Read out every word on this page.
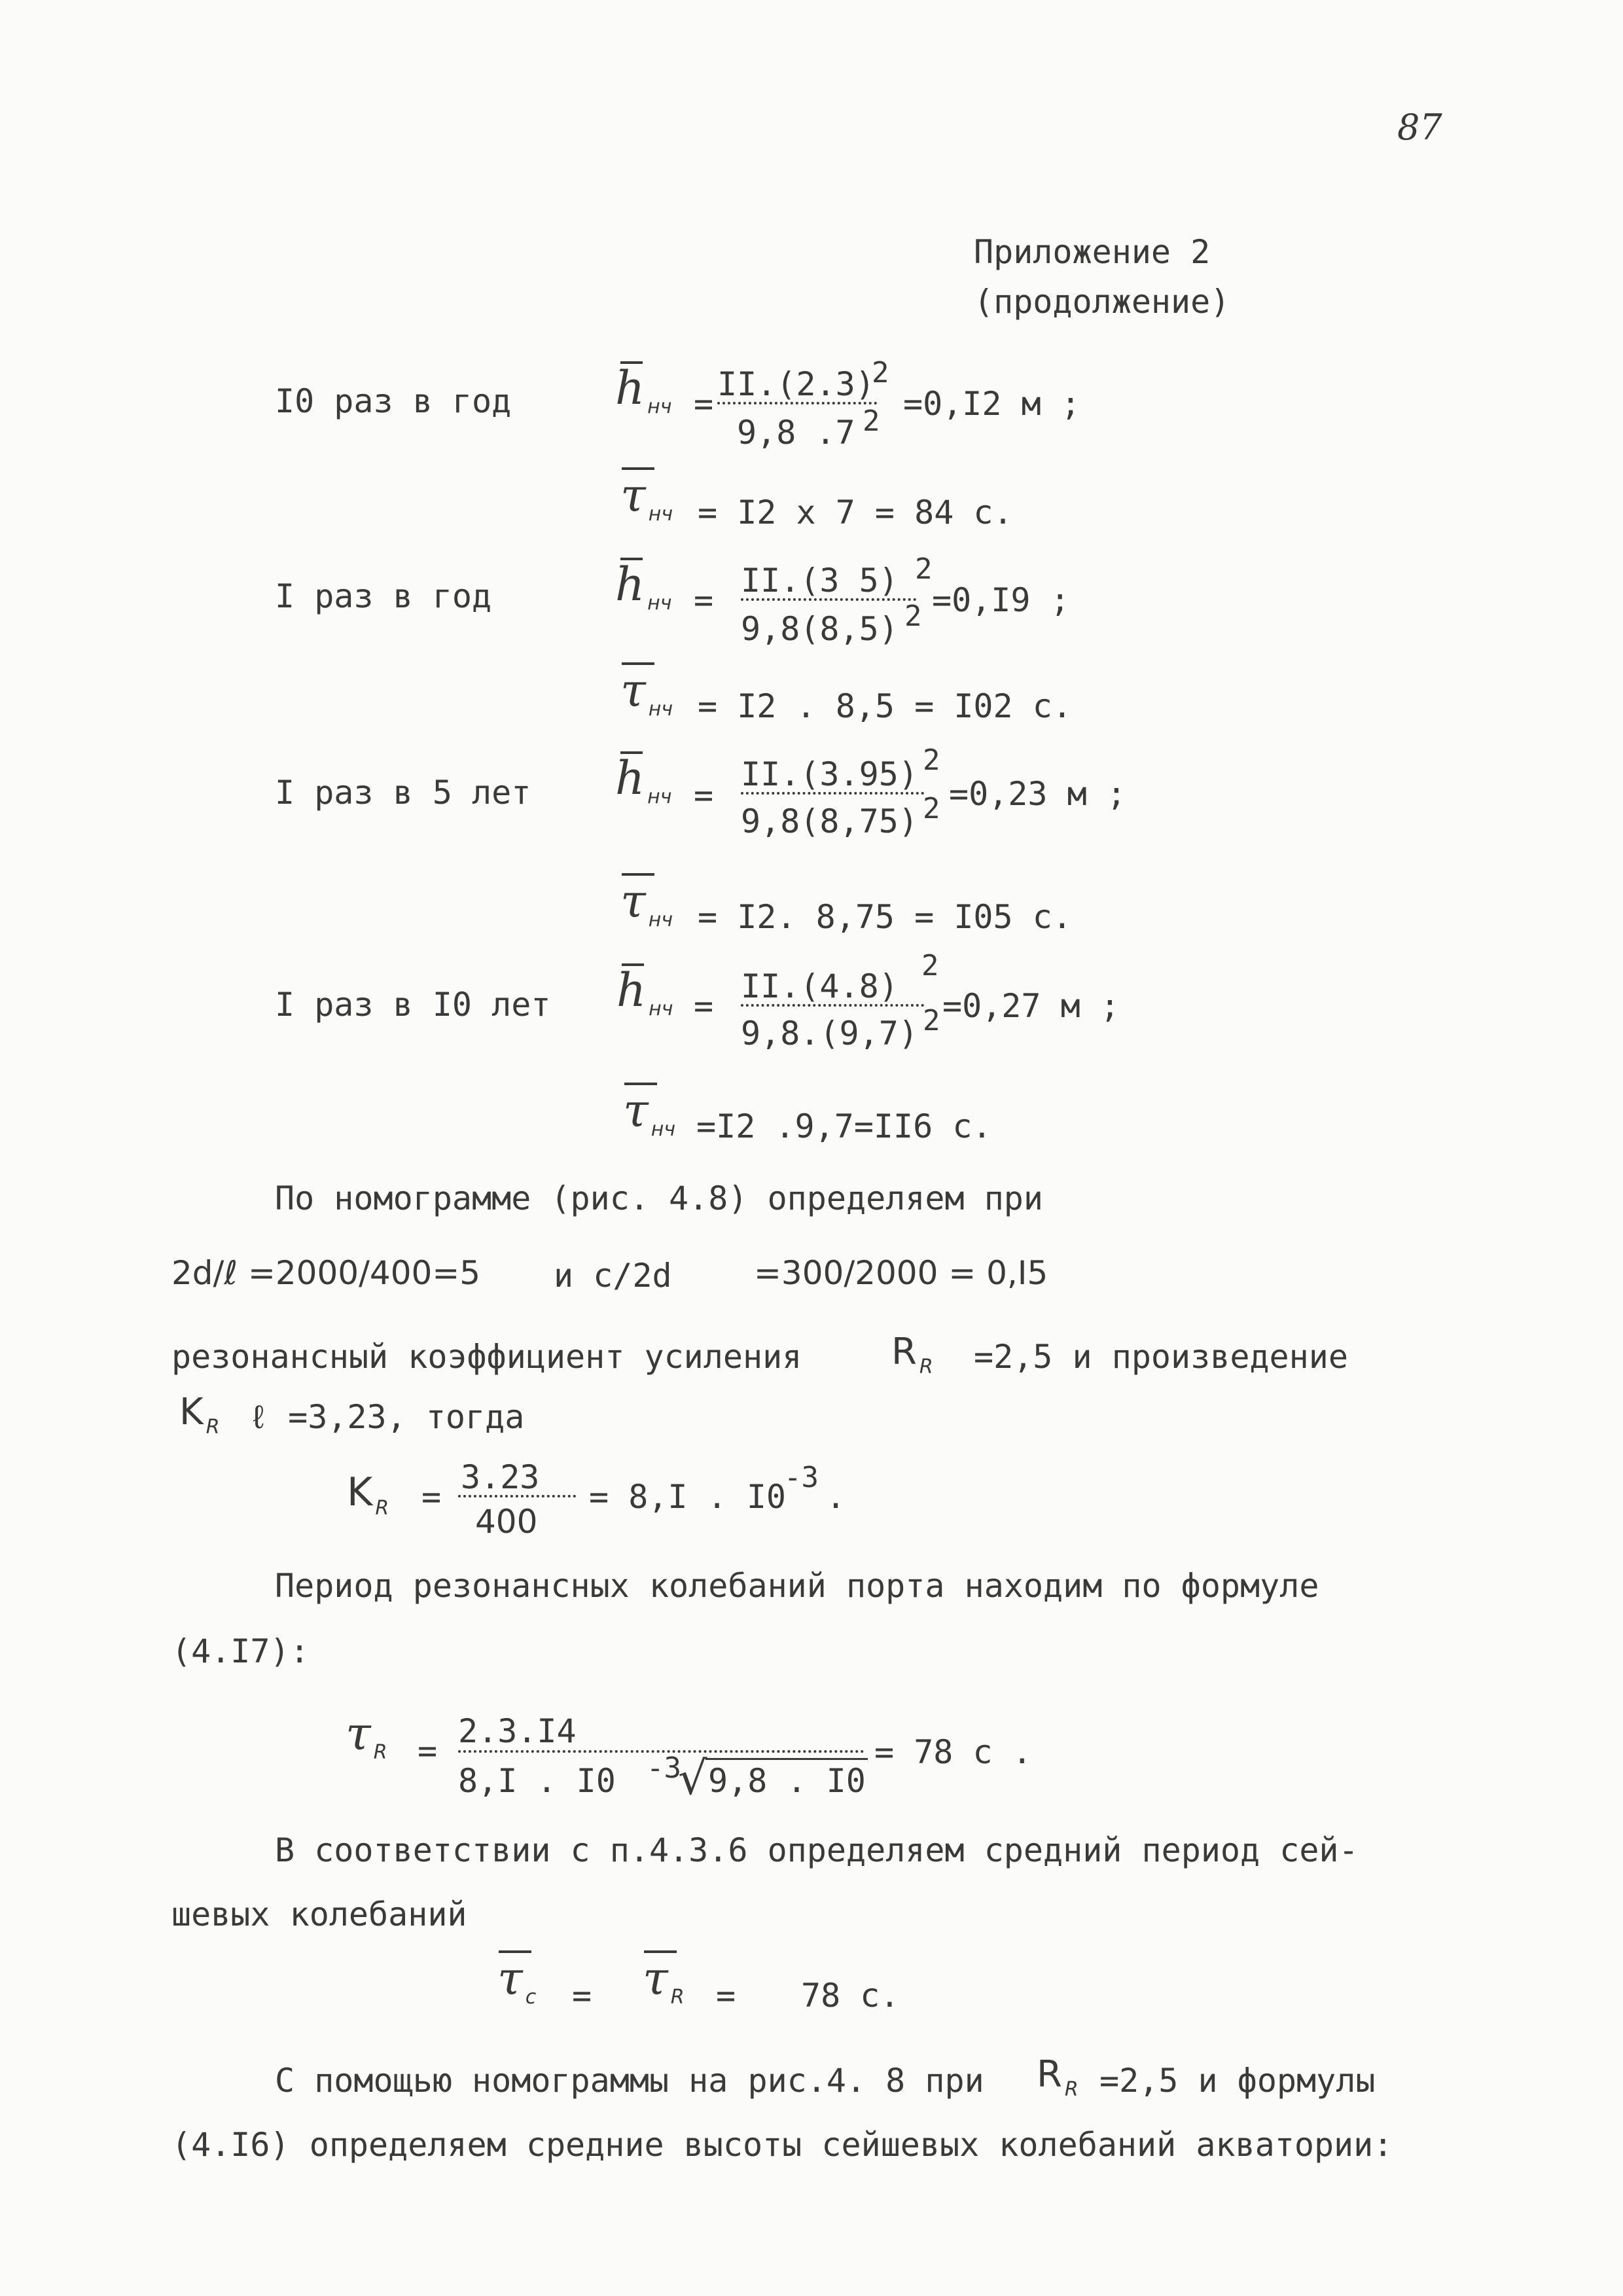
87
Приложение 2
(продолжение)
I0 раз в год h $_{нч}$ =
II.(2.3)
2
9,8 .7 2 =0,I2 м ;
τ $_{нч}$ = I2 x 7 = 84 с.
I раз в год	h $_{нч}$ =
II.(3 5) 2
9,8(8,5) 2 =0,I9 ;
τ $_{нч}$ = I2 . 8,5 = I02 с.
I раз в 5 лет h $_{нч}$ =
II.(3.95) 2
9,8(8,75) 2 =0,23 м ;
τ $_{нч}$ = I2. 8,75 = I05 с.
I раз в I0 лет h $_{нч}$ =
II.(4.8)
2
9,8.(9,7) 2 =0,27 м ;
τ $_{нч}$ =I2 .9,7=II6 с.
По номограмме (рис. 4.8) определяем при
2d/ℓ =2000/400=5 и с/2d	=300/2000 = 0,I5
резонансный коэффициент усиления R $_R$ =2,5 и произведение
K $_R$ ℓ =3,23, тогда
K $_R$ =
3.23
400
= 8,I . I0
-3
.
Период резонансных колебаний порта находим по формуле
(4.I7):
τ $_R$ =
2.3.I4
8,I . I0 -3
√ 9,8 . I0
= 78 с .
В соответствии с п.4.3.6 определяем средний период сей-
шевых колебаний
τ $_c$ = τ $_R$ = 78 с.
С помощью номограммы на рис.4. 8 при R $_R$ =2,5 и формулы
(4.I6) определяем средние высоты сейшевых колебаний акватории:
